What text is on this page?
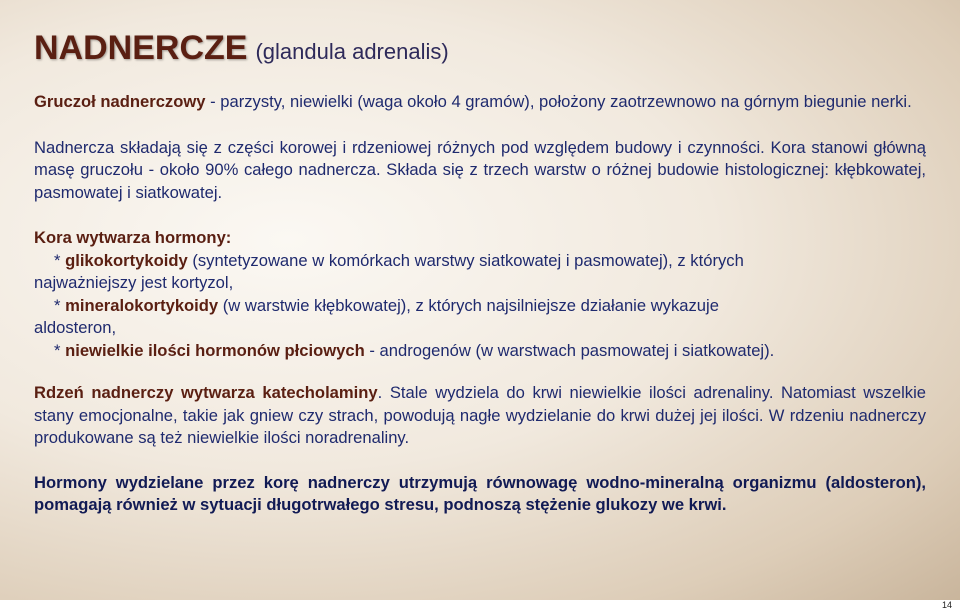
NADNERCZE (glandula adrenalis)

Gruczoł nadnerczowy - parzysty, niewielki (waga około 4 gramów), położony zaotrzewnowo na górnym biegunie nerki.

Nadnercza składają się z części korowej i rdzeniowej różnych pod względem budowy i czynności. Kora stanowi główną masę gruczołu - około 90% całego nadnercza. Składa się z trzech warstw o różnej budowie histologicznej: kłębkowatej, pasmowatej i siatkowatej.

Kora wytwarza hormony:
* glikokortykoidy (syntetyzowane w komórkach warstwy siatkowatej i pasmowatej), z których
najważniejszy jest kortyzol,
* mineralokortykoidy (w warstwie kłębkowatej), z których najsilniejsze działanie wykazuje
aldosteron,
* niewielkie ilości hormonów płciowych - androgenów (w warstwach pasmowatej i siatkowatej).

Rdzeń nadnerczy wytwarza katecholaminy. Stale wydziela do krwi niewielkie ilości adrenaliny. Natomiast wszelkie stany emocjonalne, takie jak gniew czy strach, powodują nagłe wydzielanie do krwi dużej jej ilości. W rdzeniu nadnerczy produkowane są też niewielkie ilości noradrenaliny.

Hormony wydzielane przez korę nadnerczy utrzymują równowagę wodno-mineralną organizmu (aldosteron), pomagają również w sytuacji długotrwałego stresu, podnoszą stężenie glukozy we krwi.

14
